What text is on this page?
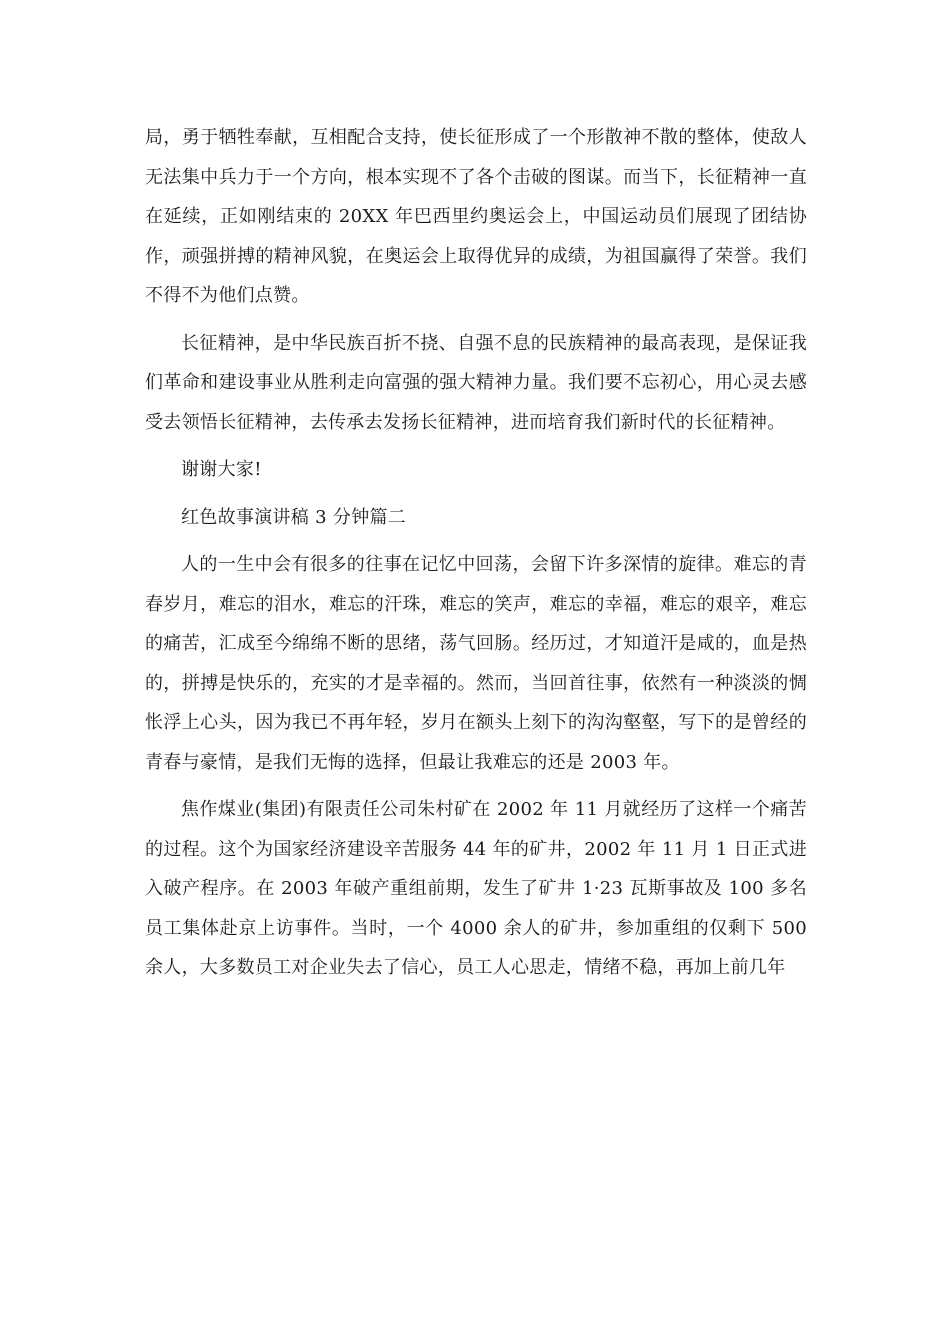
局，勇于牺牲奉献，互相配合支持，使长征形成了一个形散神不散的整体，使敌人无法集中兵力于一个方向，根本实现不了各个击破的图谋。而当下，长征精神一直在延续，正如刚结束的 20XX 年巴西里约奥运会上，中国运动员们展现了团结协作，顽强拼搏的精神风貌，在奥运会上取得优异的成绩，为祖国赢得了荣誉。我们不得不为他们点赞。

长征精神，是中华民族百折不挠、自强不息的民族精神的最高表现，是保证我们革命和建设事业从胜利走向富强的强大精神力量。我们要不忘初心，用心灵去感受去领悟长征精神，去传承去发扬长征精神，进而培育我们新时代的长征精神。

谢谢大家!

红色故事演讲稿 3 分钟篇二

人的一生中会有很多的往事在记忆中回荡，会留下许多深情的旋律。难忘的青春岁月，难忘的泪水，难忘的汗珠，难忘的笑声，难忘的幸福，难忘的艰辛，难忘的痛苦，汇成至今绵绵不断的思绪，荡气回肠。经历过，才知道汗是咸的，血是热的，拼搏是快乐的，充实的才是幸福的。然而，当回首往事，依然有一种淡淡的惆怅浮上心头，因为我已不再年轻，岁月在额头上刻下的沟沟壑壑，写下的是曾经的青春与豪情，是我们无悔的选择，但最让我难忘的还是 2003 年。

焦作煤业(集团)有限责任公司朱村矿在 2002 年 11 月就经历了这样一个痛苦的过程。这个为国家经济建设辛苦服务 44 年的矿井，2002 年 11 月 1 日正式进入破产程序。在 2003 年破产重组前期，发生了矿井 1·23 瓦斯事故及 100 多名员工集体赴京上访事件。当时，一个 4000 余人的矿井，参加重组的仅剩下 500 余人，大多数员工对企业失去了信心，员工人心思走，情绪不稳，再加上前几年
